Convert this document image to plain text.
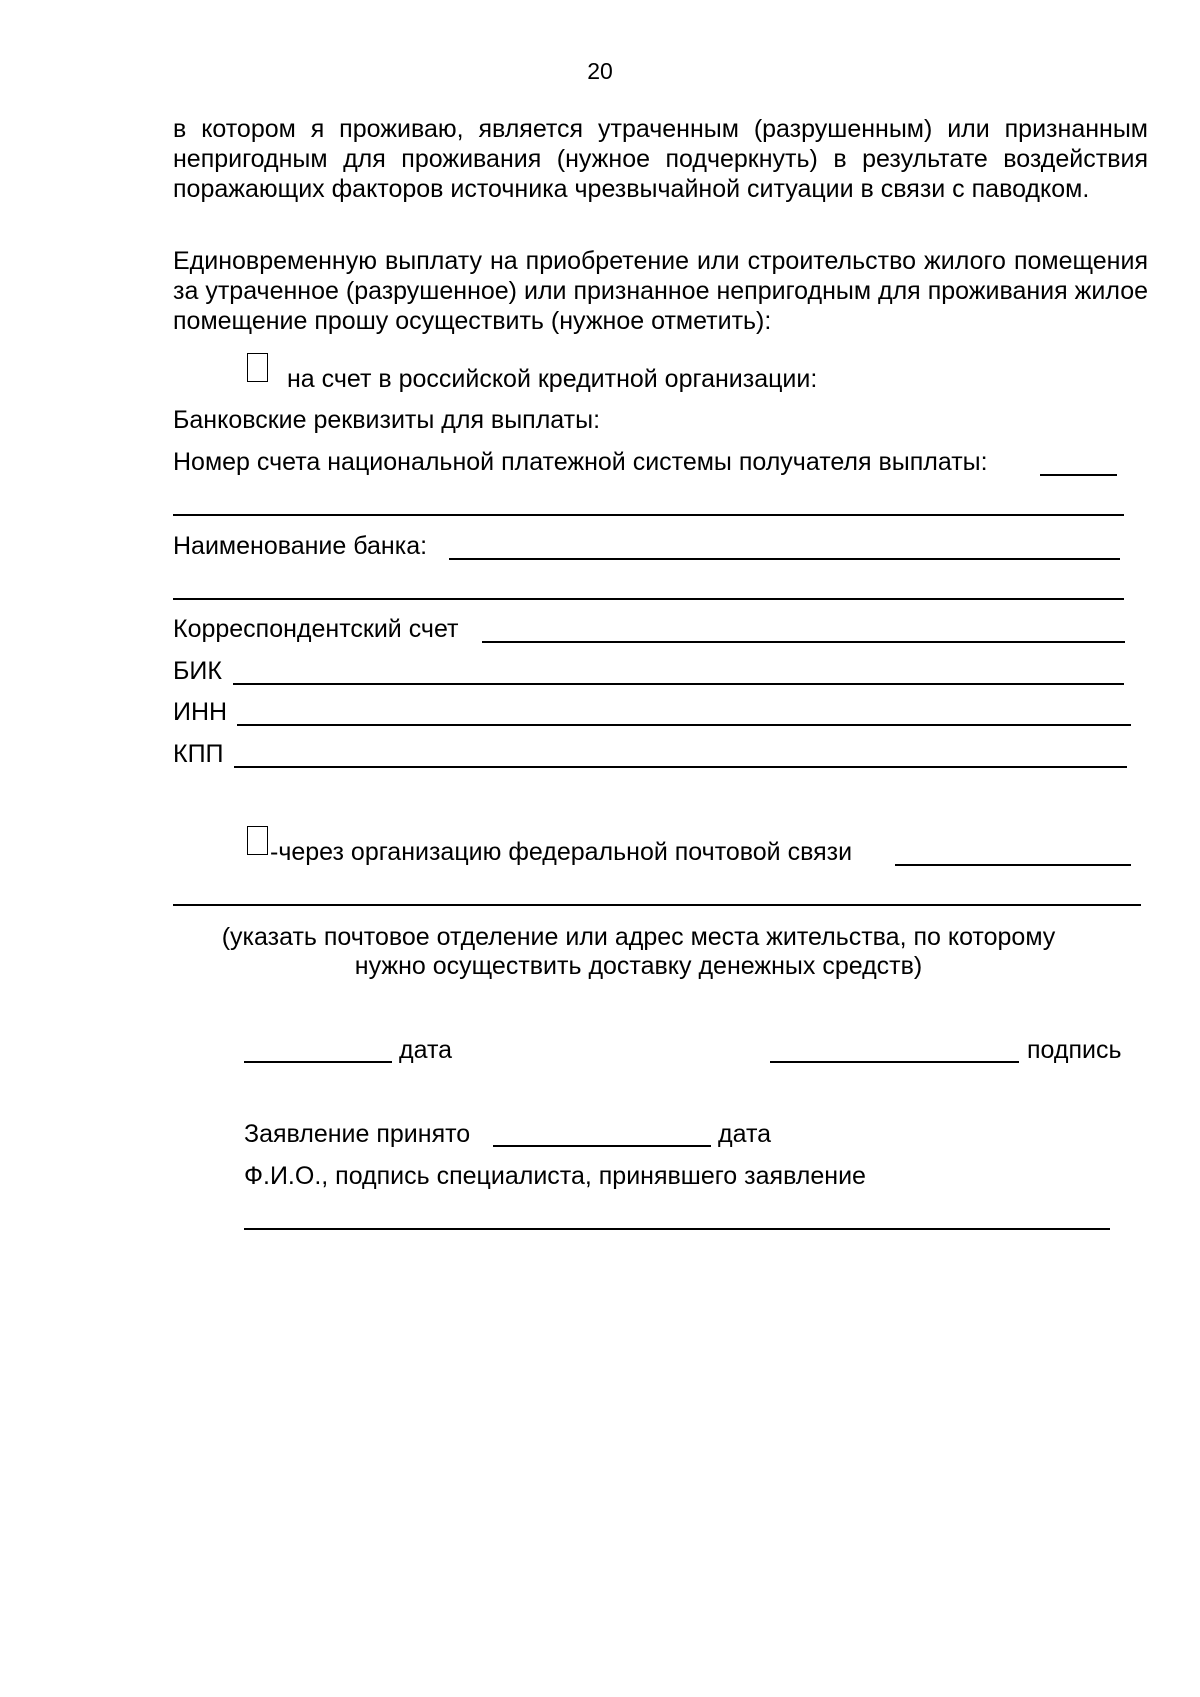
20
в котором я проживаю, является утраченным (разрушенным) или признанным непригодным для проживания (нужное подчеркнуть) в результате воздействия поражающих факторов источника чрезвычайной ситуации в связи с паводком.
Единовременную выплату на приобретение или строительство жилого помещения за утраченное (разрушенное) или признанное непригодным для проживания жилое помещение прошу осуществить (нужное отметить):
на счет в российской кредитной организации:
Банковские реквизиты для выплаты:
Номер счета национальной платежной системы получателя выплаты:
Наименование банка:
Корреспондентский счет
БИК
ИНН
КПП
-через организацию федеральной почтовой связи
(указать почтовое отделение или адрес места жительства, по которому
нужно осуществить доставку денежных средств)
дата	подпись
Заявление принято	дата
Ф.И.О., подпись специалиста, принявшего заявление
